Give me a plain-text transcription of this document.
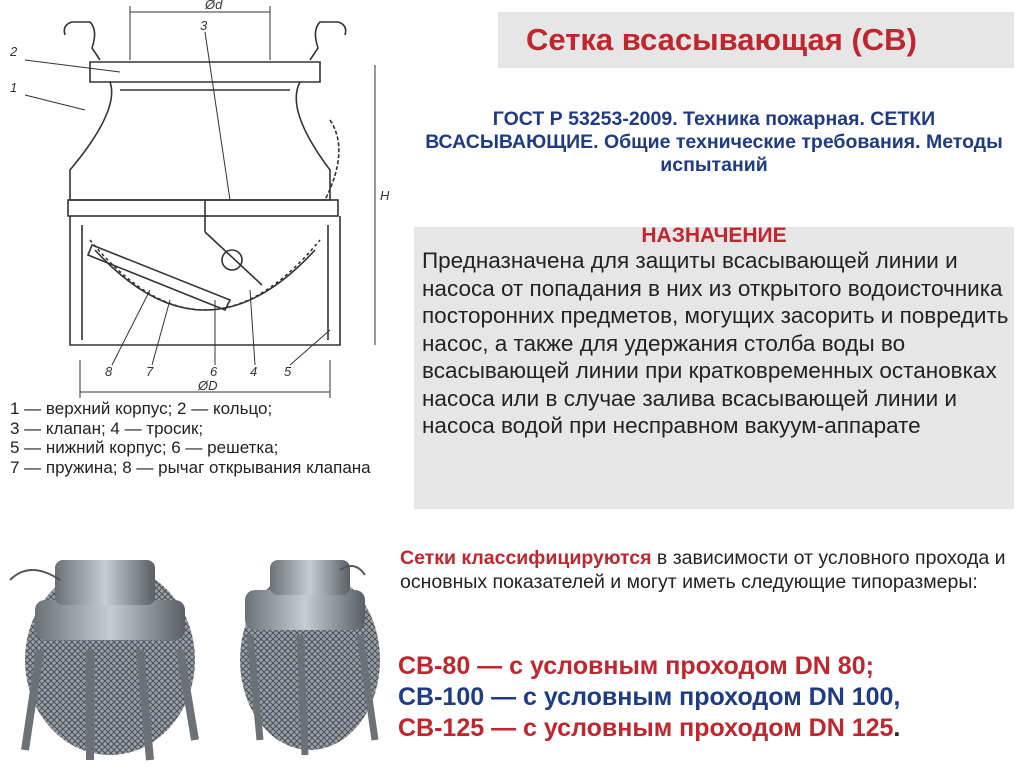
Ød
ØD
H
2
1
3
8	7	6	4 5
Сетка всасывающая (СВ)
ГОСТ Р 53253-2009. Техника пожарная. СЕТКИ ВСАСЫВАЮЩИЕ. Общие технические требования. Методы испытаний
НАЗНАЧЕНИЕ
Предназначена для защиты всасывающей линии и насоса от попадания в них из открытого водоисточника посторонних предметов, могущих засорить и повредить насос, а также для удержания столба воды во всасывающей линии при кратковременных остановках насоса или в случае залива всасывающей линии и насоса водой при несправном вакуум-аппарате

1 — верхний корпус; 2 — кольцо;

3 — клапан; 4 — тросик;

5 — нижний корпус; 6 — решетка;

7 — пружина; 8 — рычаг открывания клапана

Сетки классифицируются в зависимости от условного прохода и основных показателей и могут иметь следующие типоразмеры:
СВ-80 — с условным проходом DN 80;
СВ-100 — с условным проходом DN 100,
СВ-125 — с условным проходом DN 125.
